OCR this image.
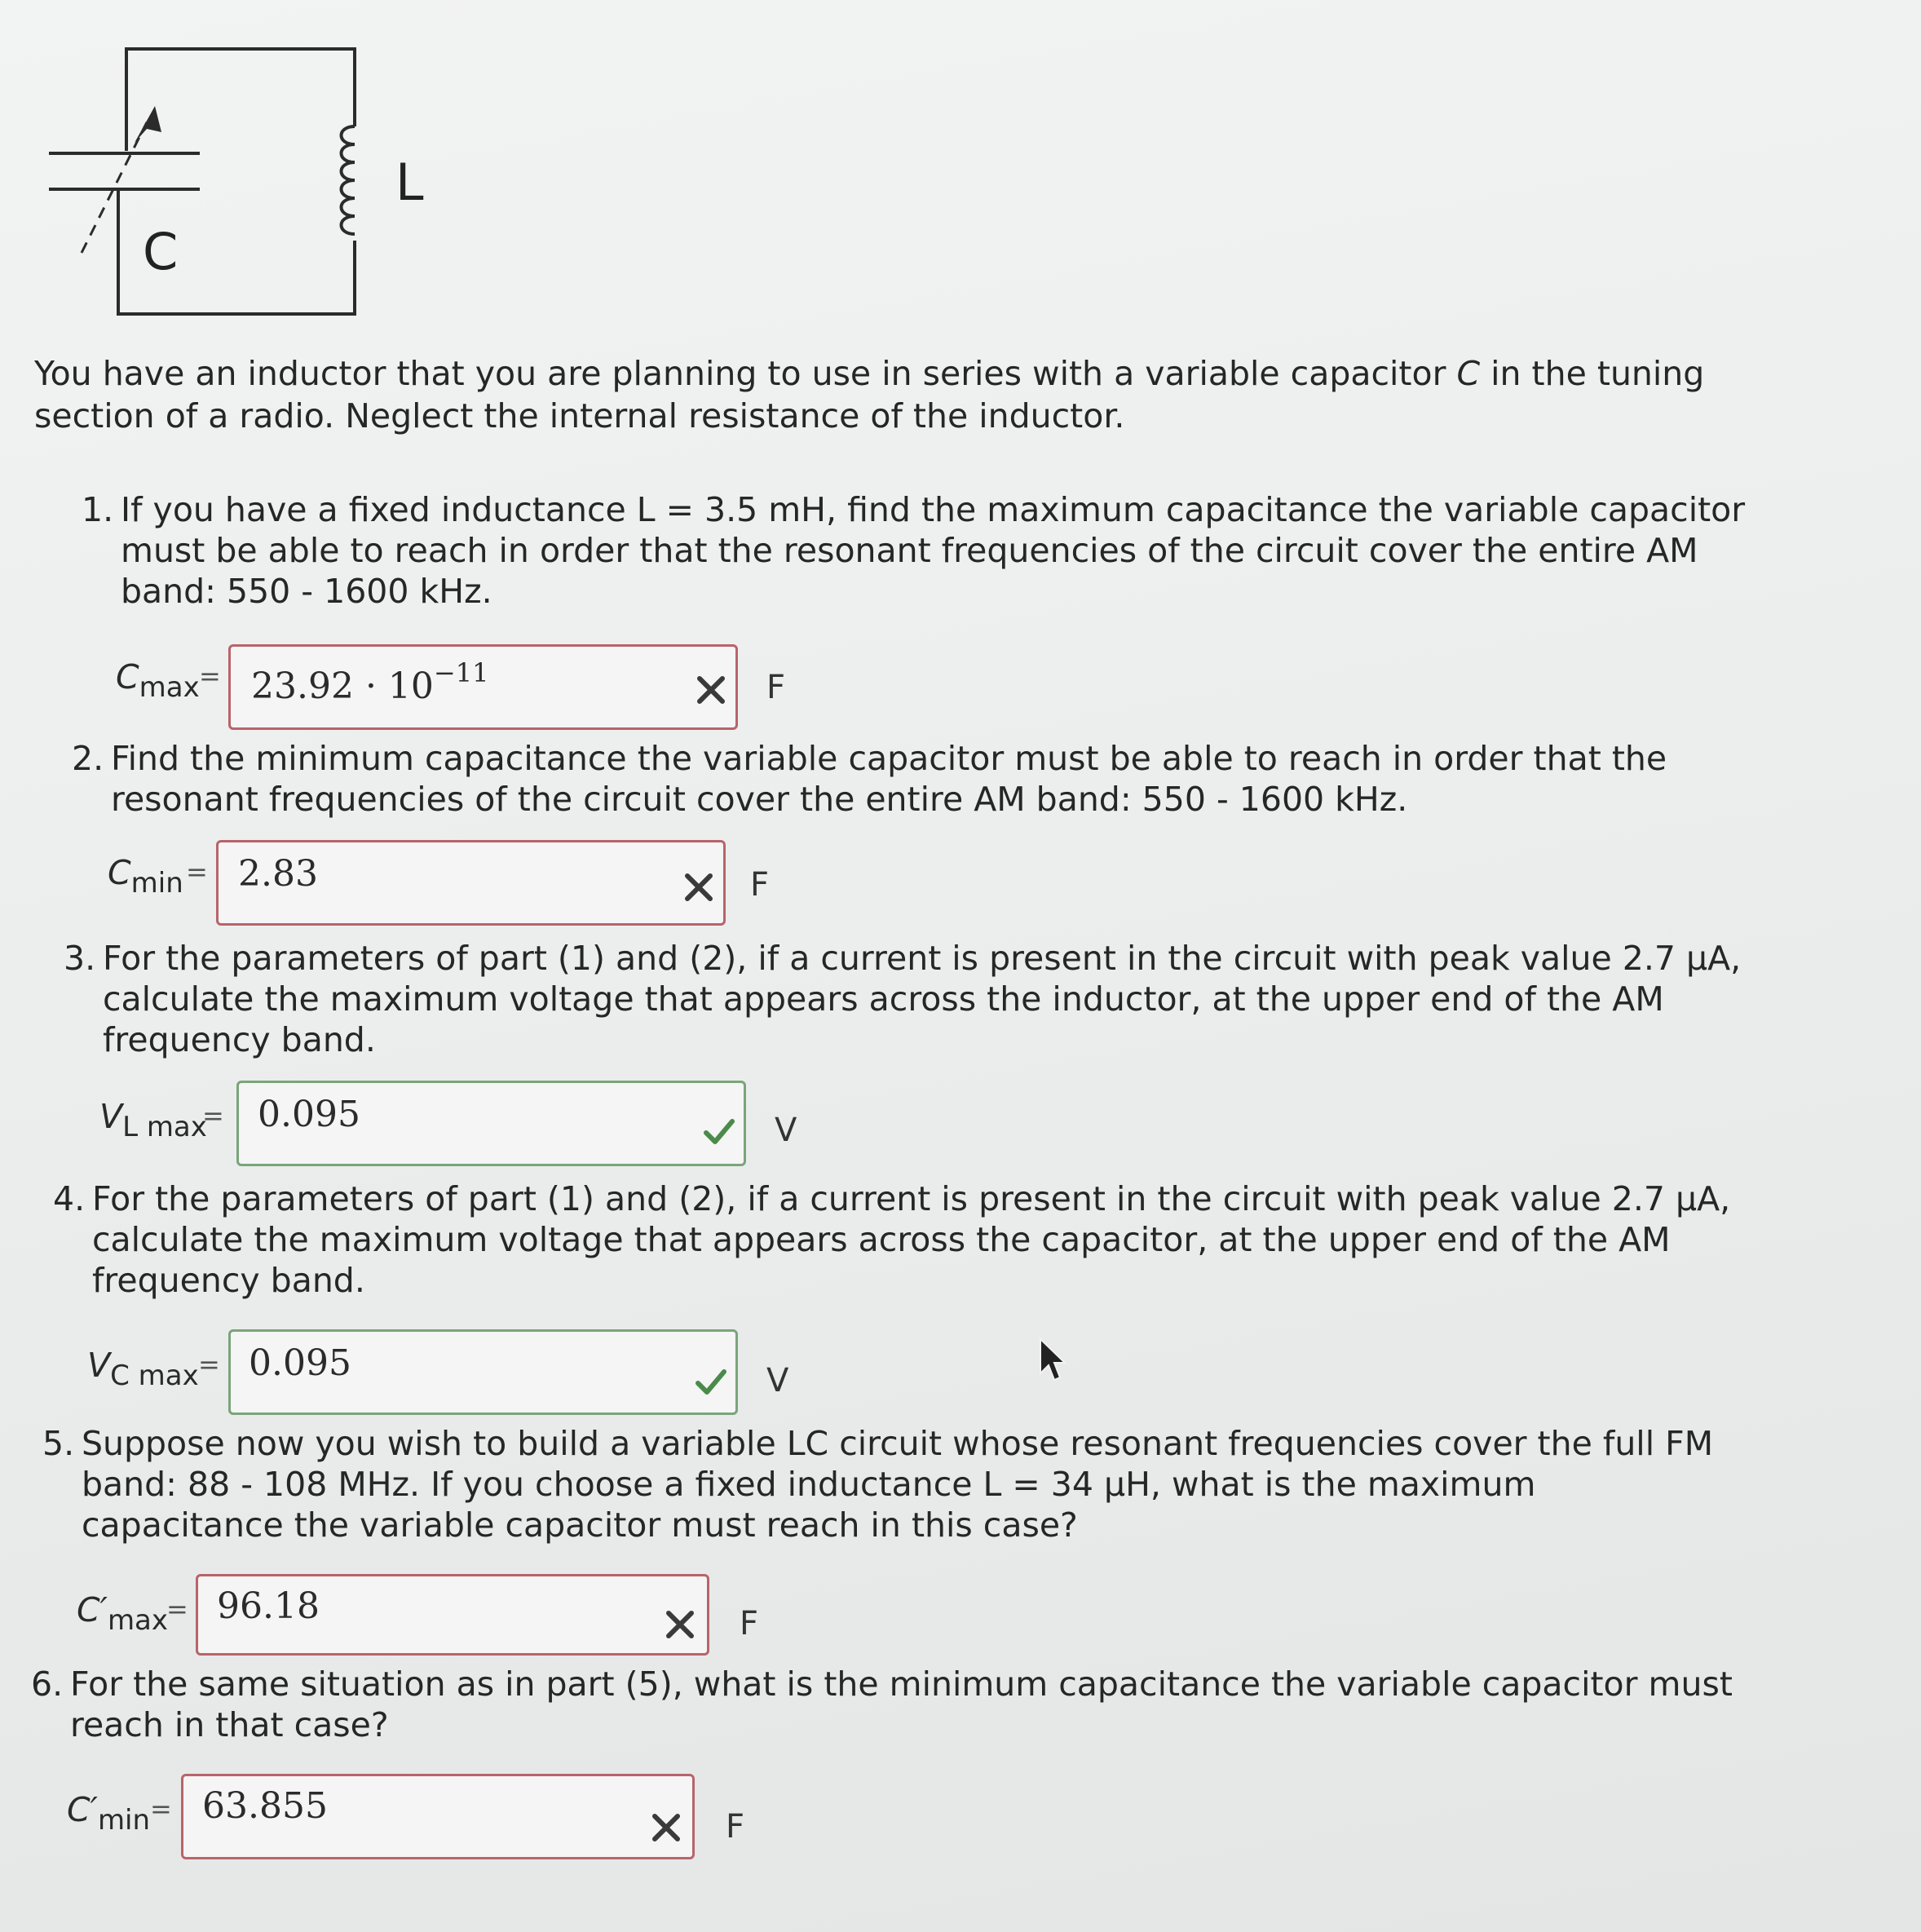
C
L
You have an inductor that you are planning to use in series with a variable capacitor C in the tuning section of a radio. Neglect the internal resistance of the inductor.
1. If you have a fixed inductance L = 3.5 mH, find the maximum capacitance the variable capacitor must be able to reach in order that the resonant frequencies of the circuit cover the entire AM band: 550 - 1600 kHz.
$C_{max} = 23.92 \cdot 10^{-11}$	F
2. Find the minimum capacitance the variable capacitor must be able to reach in order that the resonant frequencies of the circuit cover the entire AM band: 550 - 1600 kHz.
$C_{min} = 2.83$	F
3. For the parameters of part (1) and (2), if a current is present in the circuit with peak value 2.7 μA, calculate the maximum voltage that appears across the inductor, at the upper end of the AM frequency band.
$V_{L max}$
= 0.095	V
4. For the parameters of part (1) and (2), if a current is present in the circuit with peak value 2.7 μA, calculate the maximum voltage that appears across the capacitor, at the upper end of the AM frequency band.
$V_{C max} = 0.095$	V
5. Suppose now you wish to build a variable LC circuit whose resonant frequencies cover the full FM band: 88 - 108 MHz. If you choose a fixed inductance L = 34 μH, what is the maximum capacitance the variable capacitor must reach in this case?
$C'_{max}$
= 96.18	F
6. For the same situation as in part (5), what is the minimum capacitance the variable capacitor must reach in that case?
$C'_{min} = 63.855$	F
